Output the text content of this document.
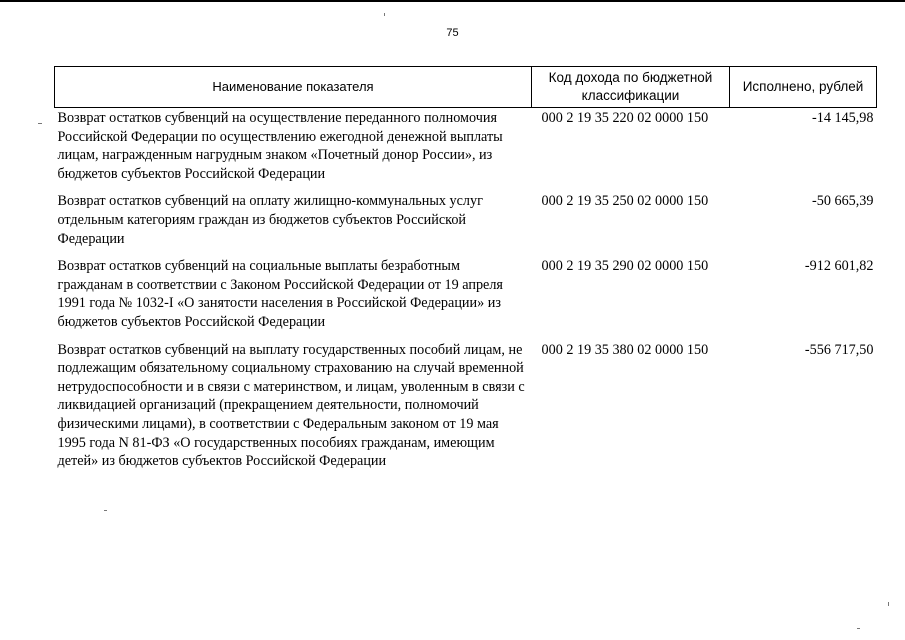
75
Наименование показателя	Код дохода по бюджетной классификации	Исполнено, рублей
Возврат остатков субвенций на осуществление переданного полномочия Российской Федерации по осуществлению ежегодной денежной выплаты лицам, награжденным нагрудным знаком «Почетный донор России», из бюджетов субъектов Российской Федерации	000 2 19 35 220 02 0000 150	-14 145,98
Возврат остатков субвенций на оплату жилищно-коммунальных услуг отдельным категориям граждан из бюджетов субъектов Российской Федерации	000 2 19 35 250 02 0000 150	-50 665,39
Возврат остатков субвенций на социальные выплаты безработным гражданам в соответствии с Законом Российской Федерации от 19 апреля 1991 года № 1032-I «О занятости населения в Российской Федерации» из бюджетов субъектов Российской Федерации	000 2 19 35 290 02 0000 150	-912 601,82
Возврат остатков субвенций на выплату государственных пособий лицам, не подлежащим обязательному социальному страхованию на случай временной нетрудоспособности и в связи с материнством, и лицам, уволенным в связи с ликвидацией организаций (прекращением деятельности, полномочий физическими лицами), в соответствии с Федеральным законом от 19 мая 1995 года N 81-ФЗ «О государственных пособиях гражданам, имеющим детей» из бюджетов субъектов Российской Федерации	000 2 19 35 380 02 0000 150	-556 717,50
